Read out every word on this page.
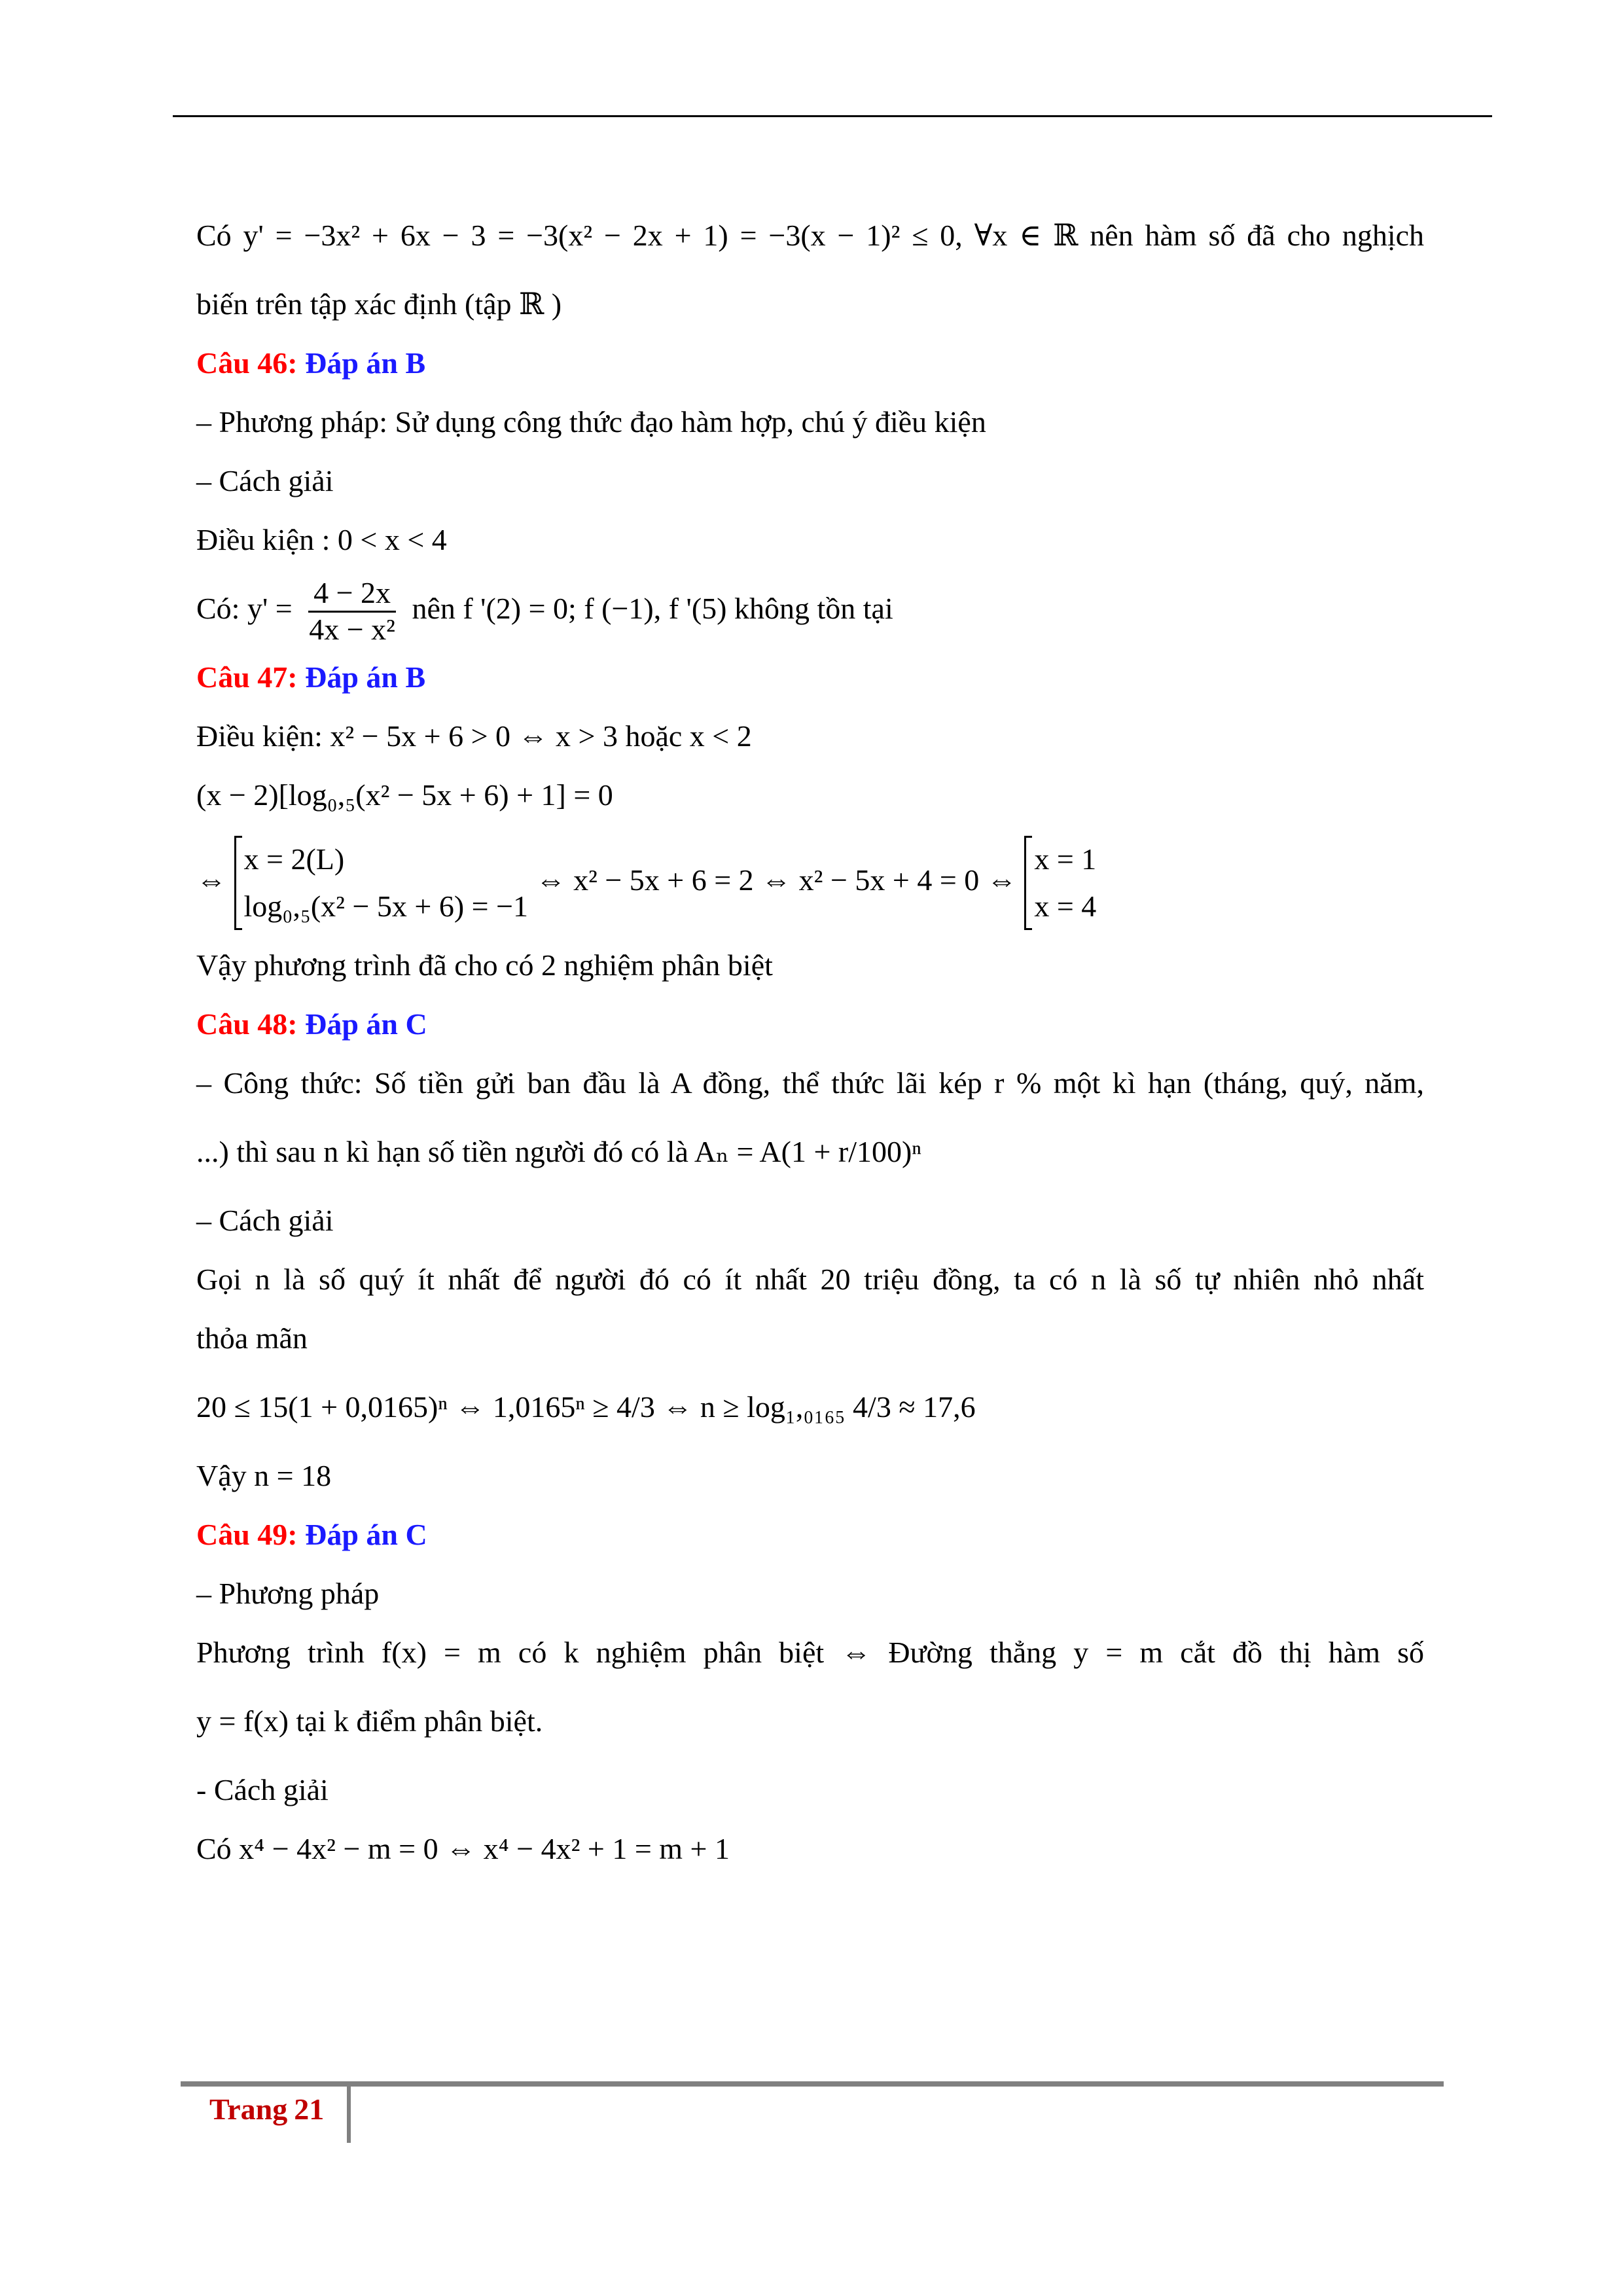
Có y' = −3x² + 6x − 3 = −3(x² − 2x + 1) = −3(x − 1)² ≤ 0, ∀x ∈ ℝ nên hàm số đã cho nghịch

biến trên tập xác định (tập ℝ )

Câu 46: Đáp án B

– Phương pháp: Sử dụng công thức đạo hàm hợp, chú ý điều kiện

– Cách giải

Điều kiện : 0 < x < 4

Có: $y' = \frac{4 - 2x}{\text{4x − x²}}$ nên f '(2) = 0; f (−1), f '(5) không tồn tại

Câu 47: Đáp án B

Điều kiện: x² − 5x + 6 > 0 ⇔ x > 3 hoặc x < 2

(x − 2)[log₀,₅(x² − 5x + 6) + 1] = 0

⇔
x = 2(L)
log₀,₅(x² − 5x + 6) = −1
⇔ x² − 5x + 6 = 2 ⇔ x² − 5x + 4 = 0 ⇔
x = 1
x = 4

Vậy phương trình đã cho có 2 nghiệm phân biệt

Câu 48: Đáp án C

– Công thức: Số tiền gửi ban đầu là A đồng, thể thức lãi kép r % một kì hạn (tháng, quý, năm,

...) thì sau n kì hạn số tiền người đó có là Aₙ = A(1 + r/100)ⁿ

– Cách giải

Gọi n là số quý ít nhất để người đó có ít nhất 20 triệu đồng, ta có n là số tự nhiên nhỏ nhất

thỏa mãn

20 ≤ 15(1 + 0,0165)ⁿ ⇔ 1,0165ⁿ ≥ 4/3 ⇔ n ≥ log₁,₀₁₆₅ 4/3 ≈ 17,6

Vậy n = 18

Câu 49: Đáp án C

– Phương pháp

Phương trình f(x) = m có k nghiệm phân biệt ⇔ Đường thẳng y = m cắt đồ thị hàm số

y = f(x) tại k điểm phân biệt.

- Cách giải

Có x⁴ − 4x² − m = 0 ⇔ x⁴ − 4x² + 1 = m + 1

Trang 21
